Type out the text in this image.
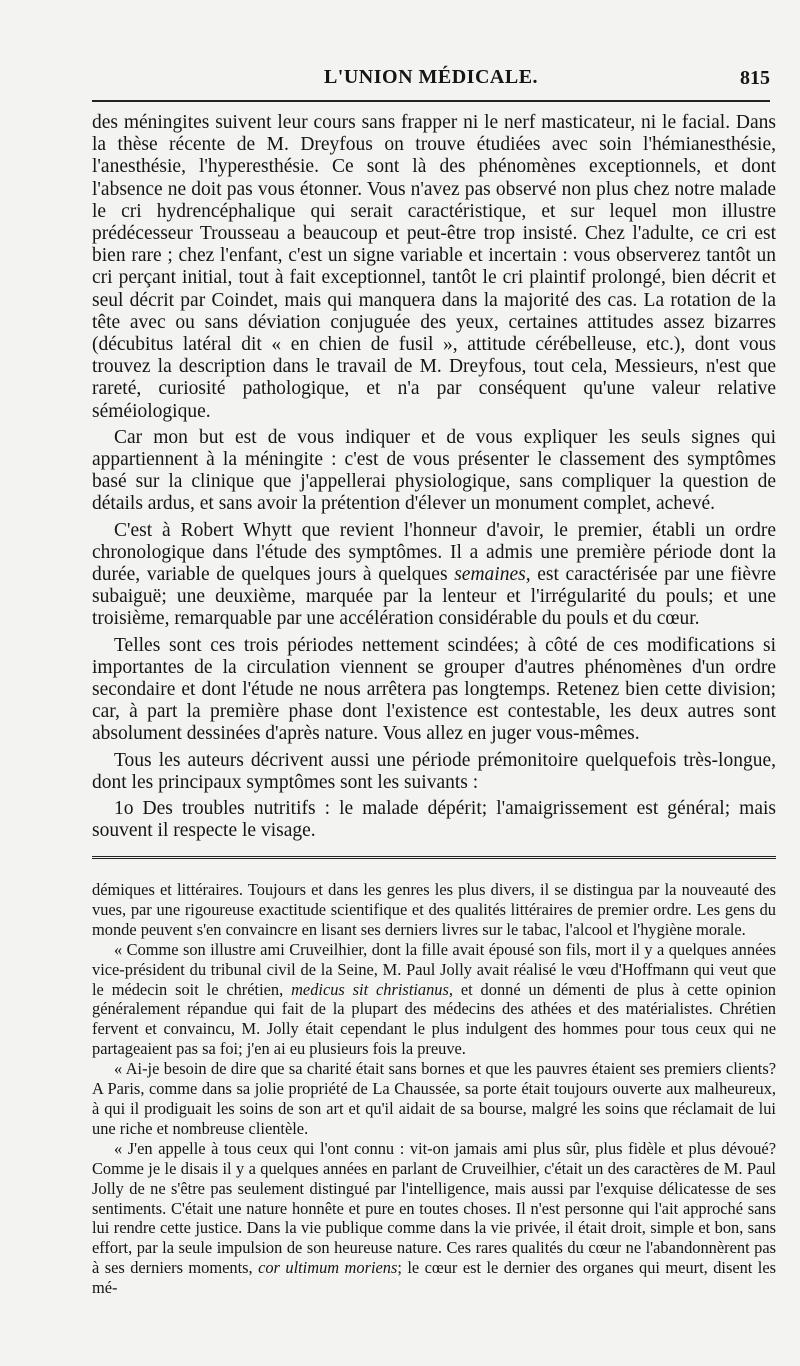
L'UNION MÉDICALE.	815

des méningites suivent leur cours sans frapper ni le nerf masticateur, ni le facial. Dans la thèse récente de M. Dreyfous on trouve étudiées avec soin l'hémianesthésie, l'anesthésie, l'hyperesthésie. Ce sont là des phénomènes exceptionnels, et dont l'absence ne doit pas vous étonner. Vous n'avez pas observé non plus chez notre malade le cri hydrencéphalique qui serait caractéristique, et sur lequel mon illustre prédécesseur Trousseau a beaucoup et peut-être trop insisté. Chez l'adulte, ce cri est bien rare ; chez l'enfant, c'est un signe variable et incertain : vous observerez tantôt un cri perçant initial, tout à fait exceptionnel, tantôt le cri plaintif prolongé, bien décrit et seul décrit par Coindet, mais qui manquera dans la majorité des cas. La rotation de la tête avec ou sans déviation conjuguée des yeux, certaines attitudes assez bizarres (décubitus latéral dit « en chien de fusil », attitude cérébelleuse, etc.), dont vous trouvez la description dans le travail de M. Dreyfous, tout cela, Messieurs, n'est que rareté, curiosité pathologique, et n'a par conséquent qu'une valeur relative séméiologique.

Car mon but est de vous indiquer et de vous expliquer les seuls signes qui appartiennent à la méningite : c'est de vous présenter le classement des symptômes basé sur la clinique que j'appellerai physiologique, sans compliquer la question de détails ardus, et sans avoir la prétention d'élever un monument complet, achevé.

C'est à Robert Whytt que revient l'honneur d'avoir, le premier, établi un ordre chronologique dans l'étude des symptômes. Il a admis une première période dont la durée, variable de quelques jours à quelques semaines, est caractérisée par une fièvre subaiguë; une deuxième, marquée par la lenteur et l'irrégularité du pouls; et une troisième, remarquable par une accélération considérable du pouls et du cœur.

Telles sont ces trois périodes nettement scindées; à côté de ces modifications si importantes de la circulation viennent se grouper d'autres phénomènes d'un ordre secondaire et dont l'étude ne nous arrêtera pas longtemps. Retenez bien cette division; car, à part la première phase dont l'existence est contestable, les deux autres sont absolument dessinées d'après nature. Vous allez en juger vous-mêmes.

Tous les auteurs décrivent aussi une période prémonitoire quelquefois très-longue, dont les principaux symptômes sont les suivants :

1o Des troubles nutritifs : le malade dépérit; l'amaigrissement est général; mais souvent il respecte le visage.

démiques et littéraires. Toujours et dans les genres les plus divers, il se distingua par la nouveauté des vues, par une rigoureuse exactitude scientifique et des qualités littéraires de premier ordre. Les gens du monde peuvent s'en convaincre en lisant ses derniers livres sur le tabac, l'alcool et l'hygiène morale.

« Comme son illustre ami Cruveilhier, dont la fille avait épousé son fils, mort il y a quelques années vice-président du tribunal civil de la Seine, M. Paul Jolly avait réalisé le vœu d'Hoffmann qui veut que le médecin soit le chrétien, medicus sit christianus, et donné un démenti de plus à cette opinion généralement répandue qui fait de la plupart des médecins des athées et des matérialistes. Chrétien fervent et convaincu, M. Jolly était cependant le plus indulgent des hommes pour tous ceux qui ne partageaient pas sa foi; j'en ai eu plusieurs fois la preuve.

« Ai-je besoin de dire que sa charité était sans bornes et que les pauvres étaient ses premiers clients? A Paris, comme dans sa jolie propriété de La Chaussée, sa porte était toujours ouverte aux malheureux, à qui il prodiguait les soins de son art et qu'il aidait de sa bourse, malgré les soins que réclamait de lui une riche et nombreuse clientèle.

« J'en appelle à tous ceux qui l'ont connu : vit-on jamais ami plus sûr, plus fidèle et plus dévoué? Comme je le disais il y a quelques années en parlant de Cruveilhier, c'était un des caractères de M. Paul Jolly de ne s'être pas seulement distingué par l'intelligence, mais aussi par l'exquise délicatesse de ses sentiments. C'était une nature honnête et pure en toutes choses. Il n'est personne qui l'ait approché sans lui rendre cette justice. Dans la vie publique comme dans la vie privée, il était droit, simple et bon, sans effort, par la seule impulsion de son heureuse nature. Ces rares qualités du cœur ne l'abandonnèrent pas à ses derniers moments, cor ultimum moriens; le cœur est le dernier des organes qui meurt, disent les mé-
